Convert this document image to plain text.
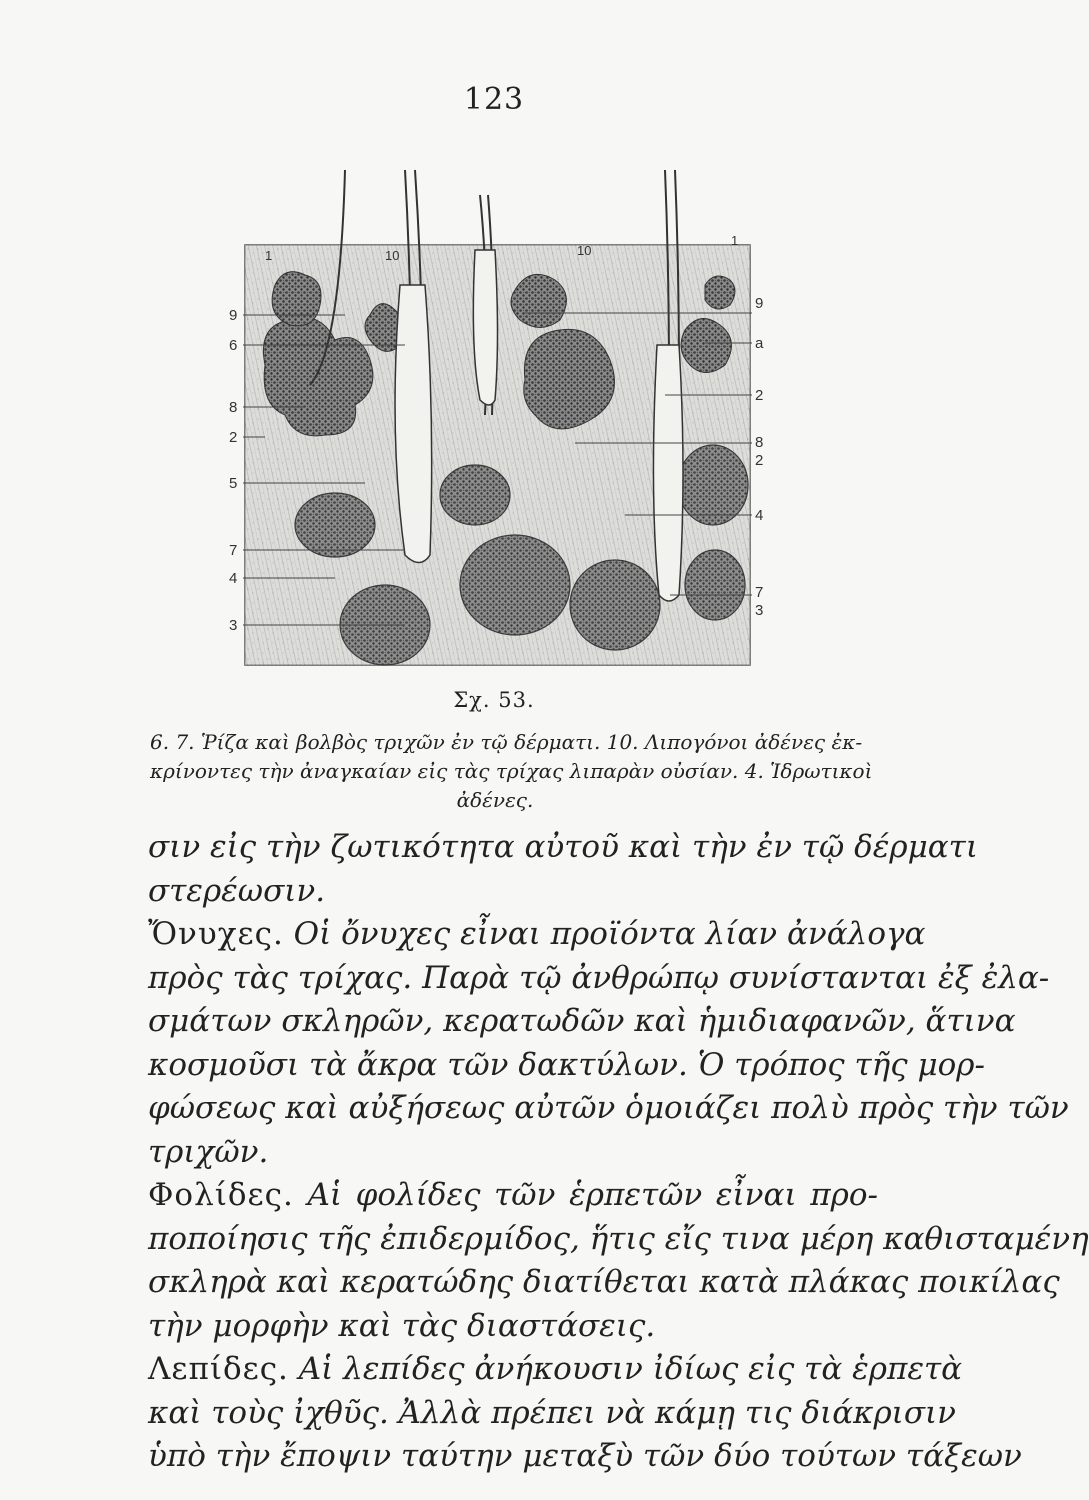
123
9
6
8
2
5
7
4
3
9
a
2
8
2
4
7
3
1	10	10
1
Σχ. 53.
6. 7. Ῥίζα καὶ βολβὸς τριχῶν ἐν τῷ δέρματι. 10. Λιπογόνοι ἀδένες ἐκ-
κρίνοντες τὴν ἀναγκαίαν εἰς τὰς τρίχας λιπαρὰν οὐσίαν. 4. Ἱδρωτικοὶ
ἀδένες.
σιν εἰς τὴν ζωτικότητα αὐτοῦ καὶ τὴν ἐν τῷ δέρματι
στερέωσιν.
Ὄνυχες. Οἱ ὄνυχες εἶναι προϊόντα λίαν ἀνάλογα
πρὸς τὰς τρίχας. Παρὰ τῷ ἀνθρώπῳ συνίστανται ἐξ ἐλα-
σμάτων σκληρῶν, κερατωδῶν καὶ ἡμιδιαφανῶν, ἅτινα
κοσμοῦσι τὰ ἄκρα τῶν δακτύλων. Ὁ τρόπος τῆς μορ-
φώσεως καὶ αὐξήσεως αὐτῶν ὁμοιάζει πολὺ πρὸς τὴν τῶν
τριχῶν.
Φολίδες. Αἱ φολίδες τῶν ἑρπετῶν εἶναι προ-
ποποίησις τῆς ἐπιδερμίδος, ἥτις εἴς τινα μέρη καθισταμένη
σκληρὰ καὶ κερατώδης διατίθεται κατὰ πλάκας ποικίλας
τὴν μορφὴν καὶ τὰς διαστάσεις.
Λεπίδες. Αἱ λεπίδες ἀνήκουσιν ἰδίως εἰς τὰ ἑρπετὰ
καὶ τοὺς ἰχθῦς. Ἀλλὰ πρέπει νὰ κάμῃ τις διάκρισιν
ὑπὸ τὴν ἔποψιν ταύτην μεταξὺ τῶν δύο τούτων τάξεων
